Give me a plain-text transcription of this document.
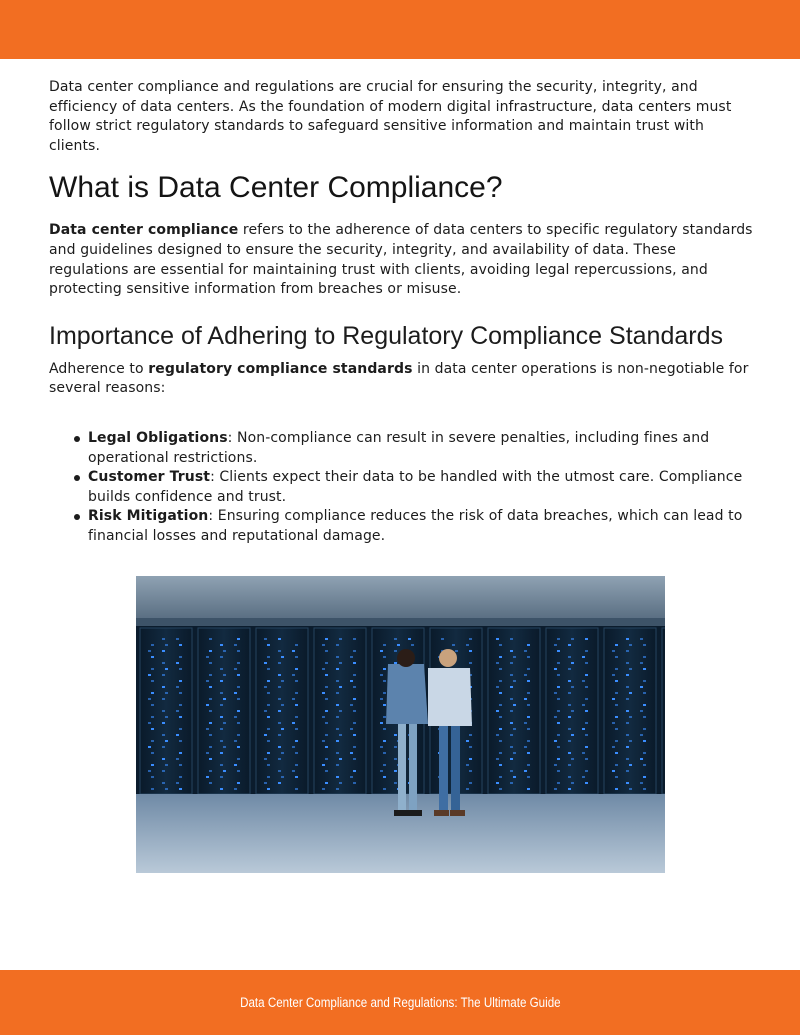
Data center compliance and regulations are crucial for ensuring the security, integrity, and efficiency of data centers. As the foundation of modern digital infrastructure, data centers must follow strict regulatory standards to safeguard sensitive information and maintain trust with clients.

What is Data Center Compliance?

Data center compliance refers to the adherence of data centers to specific regulatory standards and guidelines designed to ensure the security, integrity, and availability of data. These regulations are essential for maintaining trust with clients, avoiding legal repercussions, and protecting sensitive information from breaches or misuse.

Importance of Adhering to Regulatory Compliance Standards

Adherence to regulatory compliance standards in data center operations is non-negotiable for several reasons:

Legal Obligations: Non-compliance can result in severe penalties, including fines and operational restrictions.
Customer Trust: Clients expect their data to be handled with the utmost care. Compliance builds confidence and trust.
Risk Mitigation: Ensuring compliance reduces the risk of data breaches, which can lead to financial losses and reputational damage.
Data Center Compliance and Regulations: The Ultimate Guide
